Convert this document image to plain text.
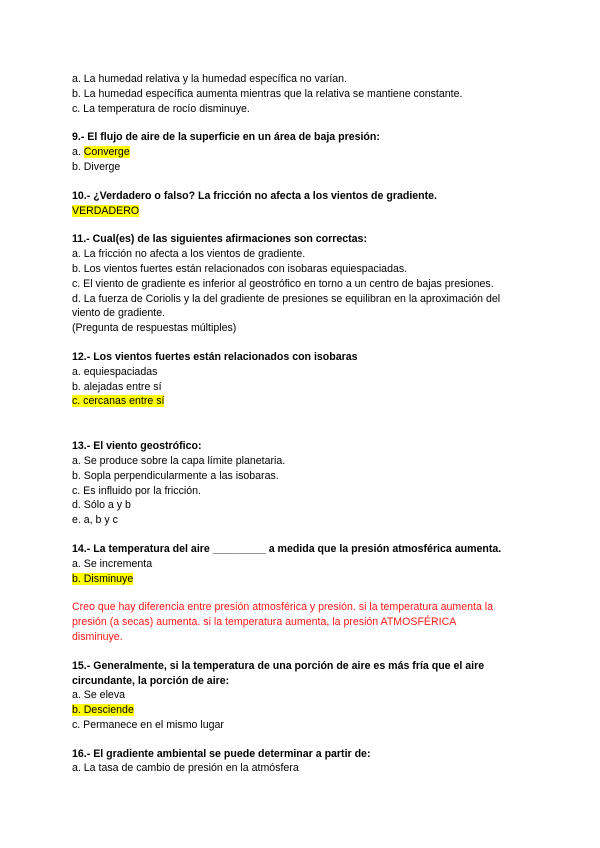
a. La humedad relativa y la humedad específica no varían.
b. La humedad específica aumenta mientras que la relativa se mantiene constante.
c. La temperatura de rocío disminuye.
9.- El flujo de aire de la superficie en un área de baja presión:
a. Converge
b. Diverge
10.- ¿Verdadero o falso? La fricción no afecta a los vientos de gradiente.
VERDADERO
11.- Cual(es) de las siguientes afirmaciones son correctas:
a. La fricción no afecta a los vientos de gradiente.
b. Los vientos fuertes están relacionados con isobaras equiespaciadas.
c. El viento de gradiente es inferior al geostrófico en torno a un centro de bajas presiones.
d. La fuerza de Coriolis y la del gradiente de presiones se equilibran en la aproximación del
viento de gradiente.
(Pregunta de respuestas múltiples)
12.- Los vientos fuertes están relacionados con isobaras
a. equiespaciadas
b. alejadas entre sí
c. cercanas entre sí
13.- El viento geostrófico:
a. Se produce sobre la capa límite planetaria.
b. Sopla perpendicularmente a las isobaras.
c. Es influido por la fricción.
d. Sólo a y b
e. a, b y c
14.- La temperatura del aire _________ a medida que la presión atmosférica aumenta.
a. Se incrementa
b. Disminuye
Creo que hay diferencia entre presión atmosférica y presión. si la temperatura aumenta la
presión (a secas) aumenta. si la temperatura aumenta, la presión ATMOSFÉRICA
disminuye.
15.- Generalmente, si la temperatura de una porción de aire es más fría que el aire
circundante, la porción de aire:
a. Se eleva
b. Desciende
c. Permanece en el mismo lugar
16.- El gradiente ambiental se puede determinar a partir de:
a. La tasa de cambio de presión en la atmósfera
